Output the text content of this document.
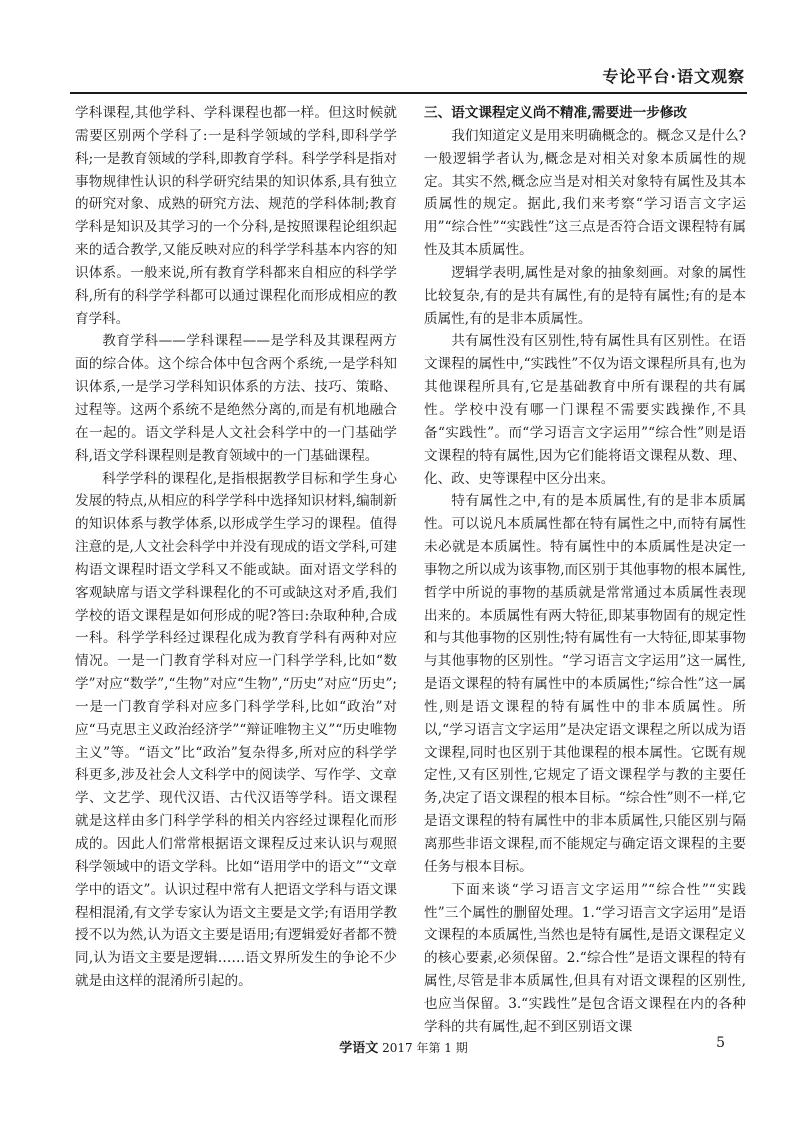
专论平台·语文观察

学科课程,其他学科、学科课程也都一样。但这时候就需要区别两个学科了:一是科学领域的学科,即科学学科;一是教育领域的学科,即教育学科。科学学科是指对事物规律性认识的科学研究结果的知识体系,具有独立的研究对象、成熟的研究方法、规范的学科体制;教育学科是知识及其学习的一个分科,是按照课程论组织起来的适合教学,又能反映对应的科学学科基本内容的知识体系。一般来说,所有教育学科都来自相应的科学学科,所有的科学学科都可以通过课程化而形成相应的教育学科。

教育学科——学科课程——是学科及其课程两方面的综合体。这个综合体中包含两个系统,一是学科知识体系,一是学习学科知识体系的方法、技巧、策略、过程等。这两个系统不是绝然分离的,而是有机地融合在一起的。语文学科是人文社会科学中的一门基础学科,语文学科课程则是教育领域中的一门基础课程。

科学学科的课程化,是指根据教学目标和学生身心发展的特点,从相应的科学学科中选择知识材料,编制新的知识体系与教学体系,以形成学生学习的课程。值得注意的是,人文社会科学中并没有现成的语文学科,可建构语文课程时语文学科又不能或缺。面对语文学科的客观缺席与语文学科课程化的不可或缺这对矛盾,我们学校的语文课程是如何形成的呢?答曰:杂取种种,合成一科。科学学科经过课程化成为教育学科有两种对应情况。一是一门教育学科对应一门科学学科,比如“数学”对应“数学”,“生物”对应“生物”,“历史”对应“历史”;一是一门教育学科对应多门科学学科,比如“政治”对应“马克思主义政治经济学”“辩证唯物主义”“历史唯物主义”等。“语文”比“政治”复杂得多,所对应的科学学科更多,涉及社会人文科学中的阅读学、写作学、文章学、文艺学、现代汉语、古代汉语等学科。语文课程就是这样由多门科学学科的相关内容经过课程化而形成的。因此人们常常根据语文课程反过来认识与观照科学领域中的语文学科。比如“语用学中的语文”“文章学中的语文”。认识过程中常有人把语文学科与语文课程相混淆,有文学专家认为语文主要是文学;有语用学教授不以为然,认为语文主要是语用;有逻辑爱好者都不赞同,认为语文主要是逻辑……语文界所发生的争论不少就是由这样的混淆所引起的。

三、语文课程定义尚不精准,需要进一步修改

我们知道定义是用来明确概念的。概念又是什么?一般逻辑学者认为,概念是对相关对象本质属性的规定。其实不然,概念应当是对相关对象特有属性及其本质属性的规定。据此,我们来考察“学习语言文字运用”“综合性”“实践性”这三点是否符合语文课程特有属性及其本质属性。

逻辑学表明,属性是对象的抽象刻画。对象的属性比较复杂,有的是共有属性,有的是特有属性;有的是本质属性,有的是非本质属性。

共有属性没有区别性,特有属性具有区别性。在语文课程的属性中,“实践性”不仅为语文课程所具有,也为其他课程所具有,它是基础教育中所有课程的共有属性。学校中没有哪一门课程不需要实践操作,不具备“实践性”。而“学习语言文字运用”“综合性”则是语文课程的特有属性,因为它们能将语文课程从数、理、化、政、史等课程中区分出来。

特有属性之中,有的是本质属性,有的是非本质属性。可以说凡本质属性都在特有属性之中,而特有属性未必就是本质属性。特有属性中的本质属性是决定一事物之所以成为该事物,而区别于其他事物的根本属性,哲学中所说的事物的基质就是常常通过本质属性表现出来的。本质属性有两大特征,即某事物固有的规定性和与其他事物的区别性;特有属性有一大特征,即某事物与其他事物的区别性。“学习语言文字运用”这一属性,是语文课程的特有属性中的本质属性;“综合性”这一属性,则是语文课程的特有属性中的非本质属性。所以,“学习语言文字运用”是决定语文课程之所以成为语文课程,同时也区别于其他课程的根本属性。它既有规定性,又有区别性,它规定了语文课程学与教的主要任务,决定了语文课程的根本目标。“综合性”则不一样,它是语文课程的特有属性中的非本质属性,只能区别与隔离那些非语文课程,而不能规定与确定语文课程的主要任务与根本目标。

下面来谈“学习语言文字运用”“综合性”“实践性”三个属性的删留处理。1.“学习语言文字运用”是语文课程的本质属性,当然也是特有属性,是语文课程定义的核心要素,必须保留。2.“综合性”是语文课程的特有属性,尽管是非本质属性,但具有对语文课程的区别性,也应当保留。3.“实践性”是包含语文课程在内的各种学科的共有属性,起不到区别语文课

学语文 2017 年第 1 期	5
